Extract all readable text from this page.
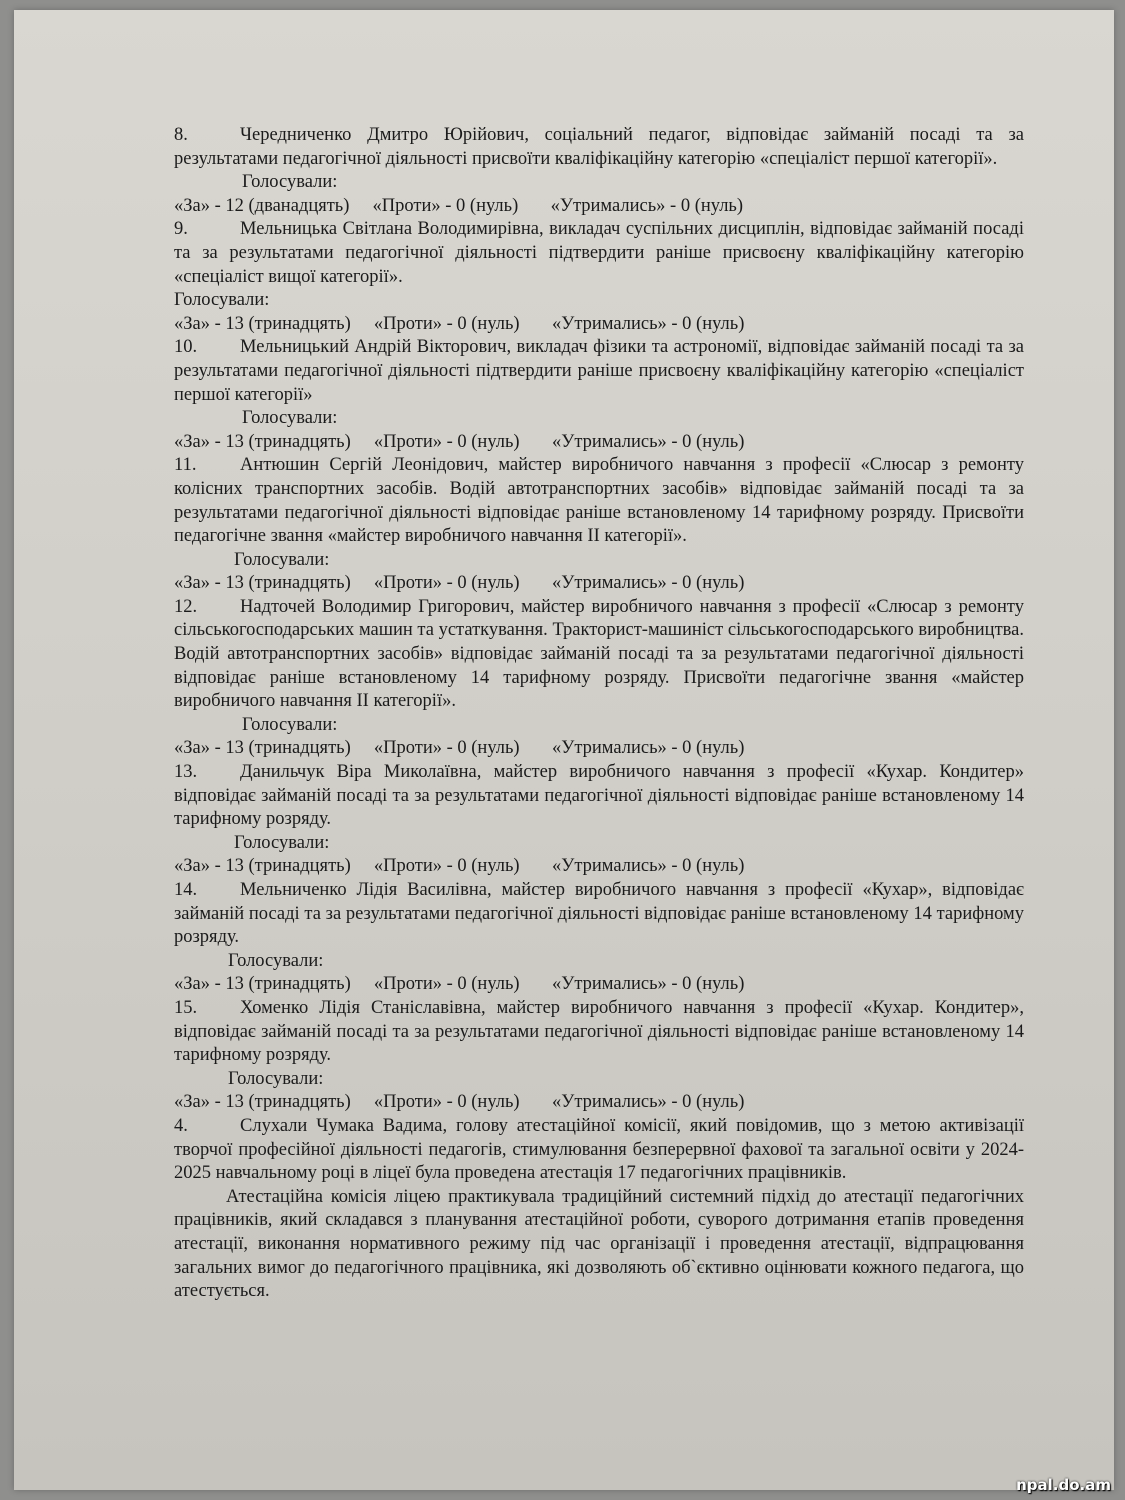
8.	Чередниченко Дмитро Юрійович, соціальний педагог, відповідає займаній посаді та за результатами педагогічної діяльності присвоїти кваліфікаційну категорію «спеціаліст першої категорії».
Голосували:
«За» - 12 (дванадцять)     «Проти» - 0 (нуль)       «Утримались» - 0 (нуль)
9.	Мельницька Світлана Володимирівна, викладач суспільних дисциплін, відповідає займаній посаді та за результатами педагогічної діяльності підтвердити раніше присвоєну кваліфікаційну категорію «спеціаліст вищої категорії».
Голосували:
«За» - 13 (тринадцять)     «Проти» - 0 (нуль)       «Утримались» - 0 (нуль)
10. Мельницький Андрій Вікторович, викладач фізики та астрономії, відповідає займаній посаді та за результатами педагогічної діяльності підтвердити раніше присвоєну кваліфікаційну категорію «спеціаліст першої категорії»
Голосували:
«За» - 13 (тринадцять)     «Проти» - 0 (нуль)       «Утримались» - 0 (нуль)
11. Антюшин Сергій Леонідович, майстер виробничого навчання з професії «Слюсар з ремонту колісних транспортних засобів. Водій автотранспортних засобів» відповідає займаній посаді та за результатами педагогічної діяльності відповідає раніше встановленому 14 тарифному розряду. Присвоїти педагогічне звання «майстер виробничого навчання ІІ категорії».
Голосували:
«За» - 13 (тринадцять)     «Проти» - 0 (нуль)       «Утримались» - 0 (нуль)
12. Надточей Володимир Григорович, майстер виробничого навчання з професії «Слюсар з ремонту сільськогосподарських машин та устаткування. Тракторист-машиніст сільськогосподарського виробництва. Водій автотранспортних засобів» відповідає займаній посаді та за результатами педагогічної діяльності відповідає раніше встановленому 14 тарифному розряду. Присвоїти педагогічне звання «майстер виробничого навчання ІІ категорії».
Голосували:
«За» - 13 (тринадцять)     «Проти» - 0 (нуль)       «Утримались» - 0 (нуль)
13. Данильчук Віра Миколаївна, майстер виробничого навчання з професії «Кухар. Кондитер» відповідає займаній посаді та за результатами педагогічної діяльності відповідає раніше встановленому 14 тарифному розряду.
Голосували:
«За» - 13 (тринадцять)     «Проти» - 0 (нуль)       «Утримались» - 0 (нуль)
14. Мельниченко Лідія Василівна, майстер виробничого навчання з професії «Кухар», відповідає займаній посаді та за результатами педагогічної діяльності відповідає раніше встановленому 14 тарифному розряду.
Голосували:
«За» - 13 (тринадцять)     «Проти» - 0 (нуль)       «Утримались» - 0 (нуль)
15. Хоменко Лідія Станіславівна, майстер виробничого навчання з професії «Кухар. Кондитер», відповідає займаній посаді та за результатами педагогічної діяльності відповідає раніше встановленому 14 тарифному розряду.
Голосували:
«За» - 13 (тринадцять)     «Проти» - 0 (нуль)       «Утримались» - 0 (нуль)
4.	Слухали Чумака Вадима, голову атестаційної комісії, який повідомив, що з метою активізації творчої професійної діяльності педагогів, стимулювання безперервної фахової та загальної освіти у 2024-2025 навчальному році в ліцеї була проведена атестація 17 педагогічних працівників.
Атестаційна комісія ліцею практикувала традиційний системний підхід до атестації педагогічних працівників, який складався з планування атестаційної роботи, суворого дотримання етапів проведення атестації, виконання нормативного режиму під час організації і проведення атестації, відпрацювання загальних вимог до педагогічного працівника, які дозволяють об`єктивно оцінювати кожного педагога, що атестується.
npal.do.am
